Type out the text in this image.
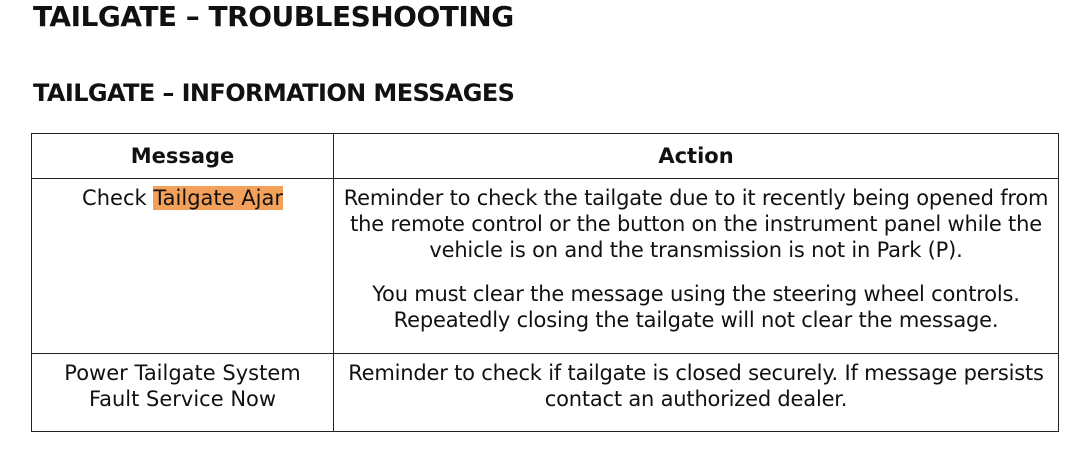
TAILGATE – TROUBLESHOOTING
TAILGATE – INFORMATION MESSAGES
Message	Action
Check Tailgate Ajar	Reminder to check the tailgate due to it recently being opened from the remote control or the button on the instrument panel while the vehicle is on and the transmission is not in Park (P).

You must clear the message using the steering wheel controls. Repeatedly closing the tailgate will not clear the message.

Power Tailgate System Fault Service Now	Reminder to check if tailgate is closed securely. If message persists contact an authorized dealer.
